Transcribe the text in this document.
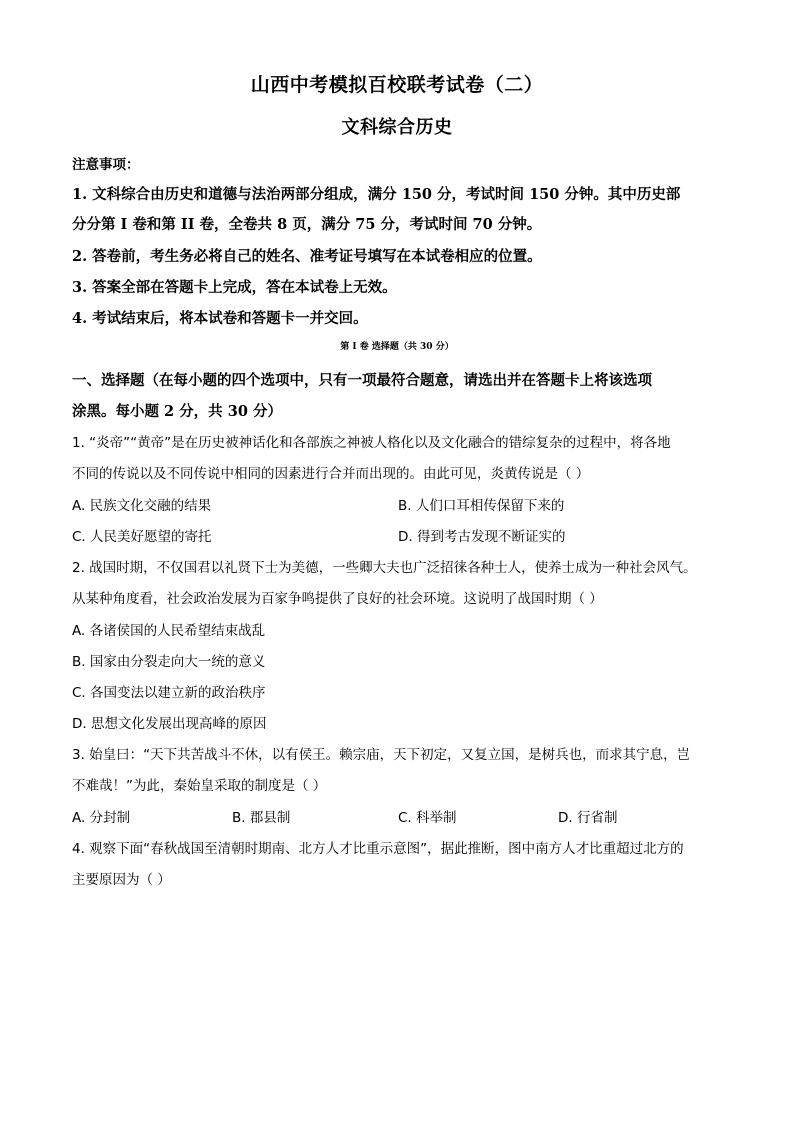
山西中考模拟百校联考试卷（二）
文科综合历史
注意事项：
1. 文科综合由历史和道德与法治两部分组成，满分 150 分，考试时间 150 分钟。其中历史部
分分第 I 卷和第 II 卷，全卷共 8 页，满分 75 分，考试时间 70 分钟。
2. 答卷前，考生务必将自己的姓名、准考证号填写在本试卷相应的位置。
3. 答案全部在答题卡上完成，答在本试卷上无效。
4. 考试结束后，将本试卷和答题卡一并交回。
第 I 卷 选择题（共 30 分）
一、选择题（在每小题的四个选项中，只有一项最符合题意，请选出并在答题卡上将该选项
涂黑。每小题 2 分，共 30 分）
1. “炎帝”“黄帝”是在历史被神话化和各部族之神被人格化以及文化融合的错综复杂的过程中，将各地
不同的传说以及不同传说中相同的因素进行合并而出现的。由此可见，炎黄传说是（ ）
A. 民族文化交融的结果	B. 人们口耳相传保留下来的
C. 人民美好愿望的寄托	D. 得到考古发现不断证实的
2. 战国时期，不仅国君以礼贤下士为美德，一些卿大夫也广泛招徕各种士人，使养士成为一种社会风气。
从某种角度看，社会政治发展为百家争鸣提供了良好的社会环境。这说明了战国时期（ ）
A. 各诸侯国的人民希望结束战乱
B. 国家由分裂走向大一统的意义
C. 各国变法以建立新的政治秩序
D. 思想文化发展出现高峰的原因
3. 始皇曰：“天下共苦战斗不休，以有侯王。赖宗庙，天下初定，又复立国，是树兵也，而求其宁息，岂
不难哉！”为此，秦始皇采取的制度是（ ）
A. 分封制	B. 郡县制	C. 科举制	D. 行省制
4. 观察下面“春秋战国至清朝时期南、北方人才比重示意图”，据此推断，图中南方人才比重超过北方的
主要原因为（ ）
